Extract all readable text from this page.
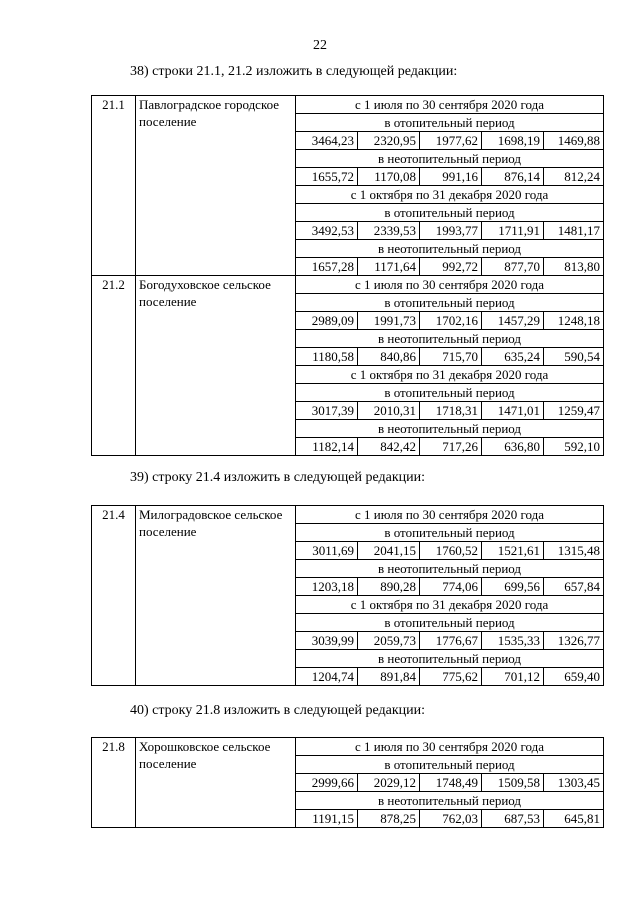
22
38) строки 21.1, 21.2 изложить в следующей редакции:
21.1	Павлоградское городское поселение	с 1 июля по 30 сентября 2020 года				
		в отопительный период				
		3464,23	2320,95	1977,62	1698,19	1469,88
		в неотопительный период				
		1655,72	1170,08	991,16	876,14	812,24
		с 1 октября по 31 декабря 2020 года				
		в отопительный период				
		3492,53	2339,53	1993,77	1711,91	1481,17
		в неотопительный период				
		1657,28	1171,64	992,72	877,70	813,80
21.2	Богодуховское сельское поселение	с 1 июля по 30 сентября 2020 года				
		в отопительный период				
		2989,09	1991,73	1702,16	1457,29	1248,18
		в неотопительный период				
		1180,58	840,86	715,70	635,24	590,54
		с 1 октября по 31 декабря 2020 года				
		в отопительный период				
		3017,39	2010,31	1718,31	1471,01	1259,47
		в неотопительный период				
		1182,14	842,42	717,26	636,80	592,10
39) строку 21.4 изложить в следующей редакции:
21.4	Милоградовское сельское поселение	с 1 июля по 30 сентября 2020 года				
		в отопительный период				
		3011,69	2041,15	1760,52	1521,61	1315,48
		в неотопительный период				
		1203,18	890,28	774,06	699,56	657,84
		с 1 октября по 31 декабря 2020 года				
		в отопительный период				
		3039,99	2059,73	1776,67	1535,33	1326,77
		в неотопительный период				
		1204,74	891,84	775,62	701,12	659,40
40) строку 21.8 изложить в следующей редакции:
21.8	Хорошковское сельское поселение	с 1 июля по 30 сентября 2020 года				
		в отопительный период				
		2999,66	2029,12	1748,49	1509,58	1303,45
		в неотопительный период				
		1191,15	878,25	762,03	687,53	645,81
